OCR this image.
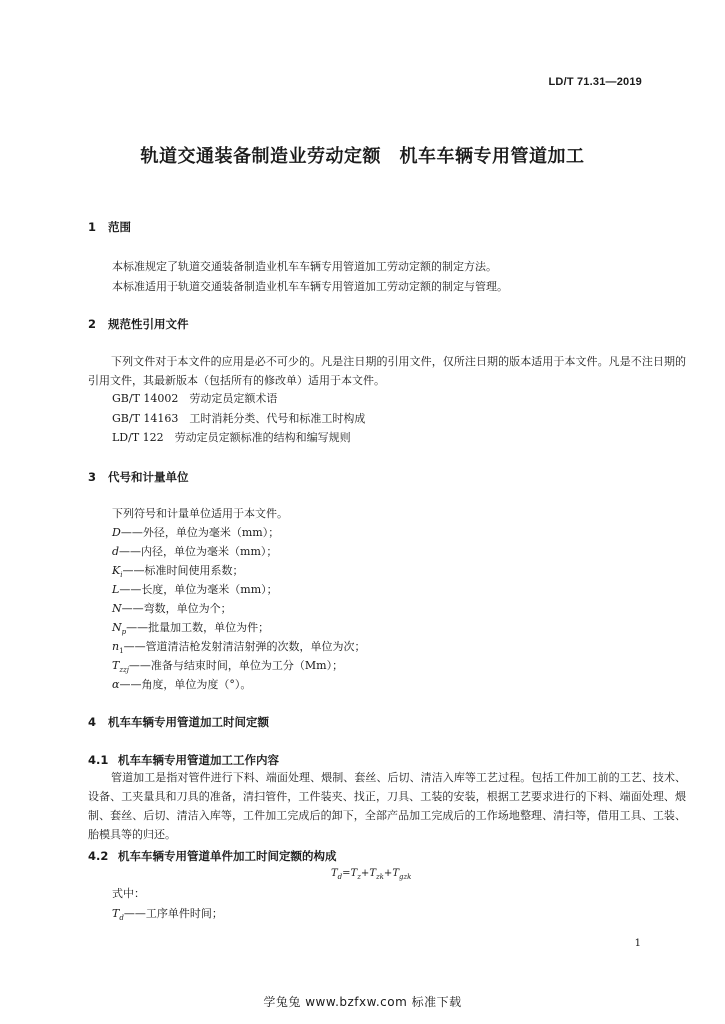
LD/T 71.31—2019
轨道交通装备制造业劳动定额　机车车辆专用管道加工
1 范围
本标准规定了轨道交通装备制造业机车车辆专用管道加工劳动定额的制定方法。
本标准适用于轨道交通装备制造业机车车辆专用管道加工劳动定额的制定与管理。
2 规范性引用文件
下列文件对于本文件的应用是必不可少的。凡是注日期的引用文件，仅所注日期的版本适用于本文件。凡是不注日期的引用文件，其最新版本（包括所有的修改单）适用于本文件。
GB/T 14002　劳动定员定额术语
GB/T 14163　工时消耗分类、代号和标准工时构成
LD/T 122　劳动定员定额标准的结构和编写规则
3 代号和计量单位
下列符号和计量单位适用于本文件。
D——外径，单位为毫米（mm）；
d——内径，单位为毫米（mm）；
$K_i——$标准时间使用系数；
L——长度，单位为毫米（mm）；
N——弯数，单位为个；
$N_p——$批量加工数，单位为件；
$n_1——$管道清洁枪发射清洁射弹的次数，单位为次；
$T_{zzj}——$准备与结束时间，单位为工分（Mm）；
α——角度，单位为度（°）。
4 机车车辆专用管道加工时间定额
4.1 机车车辆专用管道加工工作内容
管道加工是指对管件进行下料、端面处理、煨制、套丝、后切、清洁入库等工艺过程。包括工件加工前的工艺、技术、设备、工夹量具和刀具的准备，清扫管件，工件装夹、找正，刀具、工装的安装，根据工艺要求进行的下料、端面处理、煨制、套丝、后切、清洁入库等，工件加工完成后的卸下，全部产品加工完成后的工作场地整理、清扫等，借用工具、工装、胎模具等的归还。
4.2 机车车辆专用管道单件加工时间定额的构成
$T_d=T_z+T_{zk}+T_{gzk}$
式中：
$T_d——$工序单件时间；
1
学兔兔 www.bzfxw.com 标准下载
